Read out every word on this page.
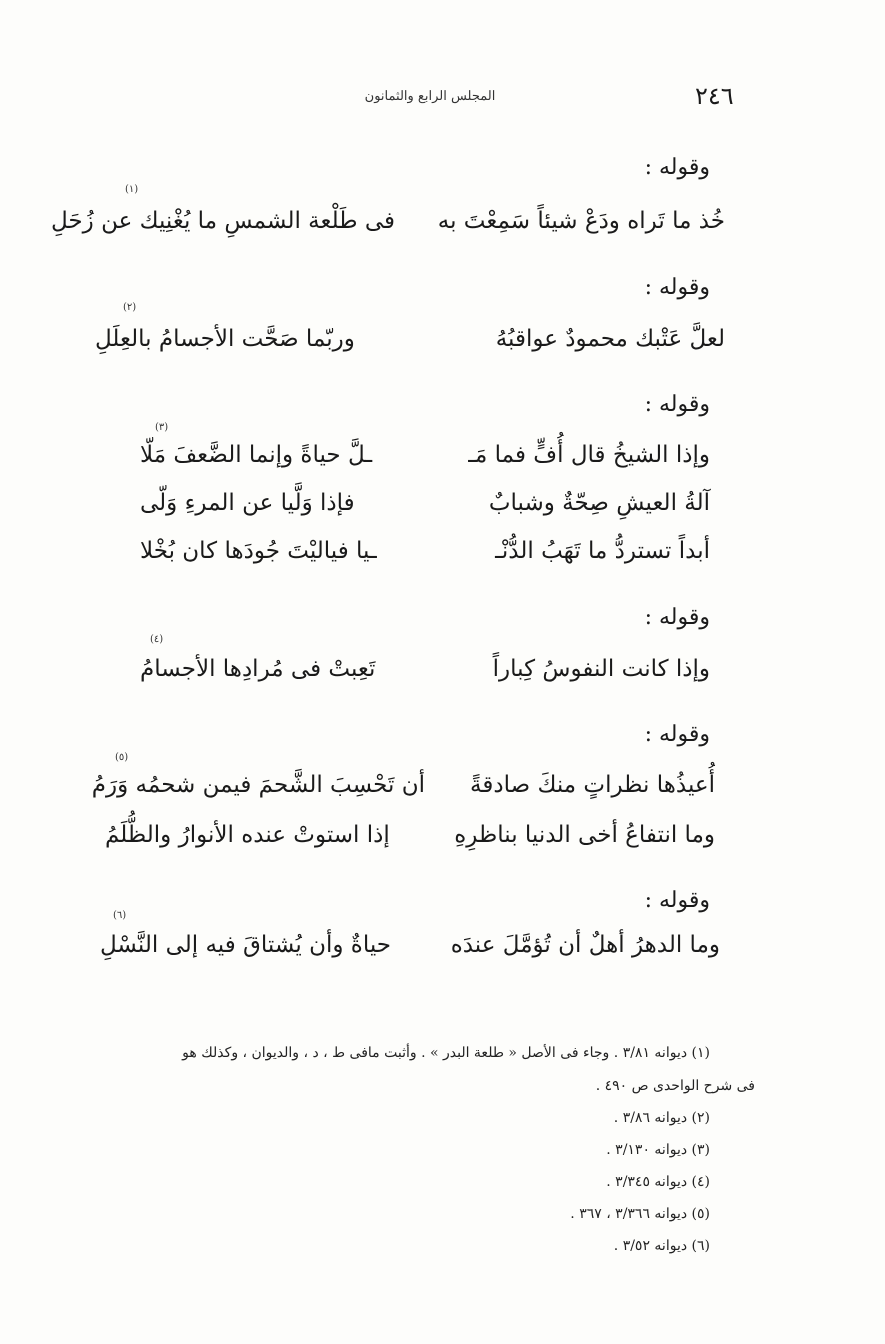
٢٤٦
المجلس الرابع والثمانون
وقوله :
خُذ ما تَراه ودَعْ شيئاً سَمِعْتَ به
فى طَلْعة الشمسِ ما يُغْنِيك عن زُحَلِ
(١)
وقوله :
لعلَّ عَتْبك محمودٌ عواقبُهُ
وربّما صَحَّت الأجسامُ بالعِلَلِ
(٢)
وقوله :
وإذا الشيخُ قال أُفٍّ فما مَـ
ـلَّ حياةً وإنما الضَّعفَ مَلّا
(٣)
آلةُ العيشِ صِحّةٌ وشبابٌ
فإذا وَلَّيا عن المرءِ وَلّى
أبداً تستردُّ ما تَهَبُ الدُّنْـ
ـيا فياليْتَ جُودَها كان بُخْلا
وقوله :
وإذا كانت النفوسُ كِباراً
تَعِبتْ فى مُرادِها الأجسامُ
(٤)
وقوله :
أُعيذُها نظراتٍ منكَ صادقةً
أن تَحْسِبَ الشَّحمَ فيمن شحمُه وَرَمُ
(٥)
وما انتفاعُ أخى الدنيا بناظرِهِ
إذا استوتْ عنده الأنوارُ والظُّلَمُ
وقوله :
وما الدهرُ أهلٌ أن تُؤمَّلَ عندَه
حياةٌ وأن يُشتاقَ فيه إلى النَّسْلِ
(٦)
(١) ديوانه ٣/٨١ . وجاء فى الأصل « طلعة البدر » . وأثبت مافى ط ، د ، والديوان ، وكذلك هو
فى شرح الواحدى ص ٤٩٠ .
(٢) ديوانه ٣/٨٦ .
(٣) ديوانه ٣/١٣٠ .
(٤) ديوانه ٣/٣٤٥ .
(٥) ديوانه ٣/٣٦٦ ، ٣٦٧ .
(٦) ديوانه ٣/٥٢ .
